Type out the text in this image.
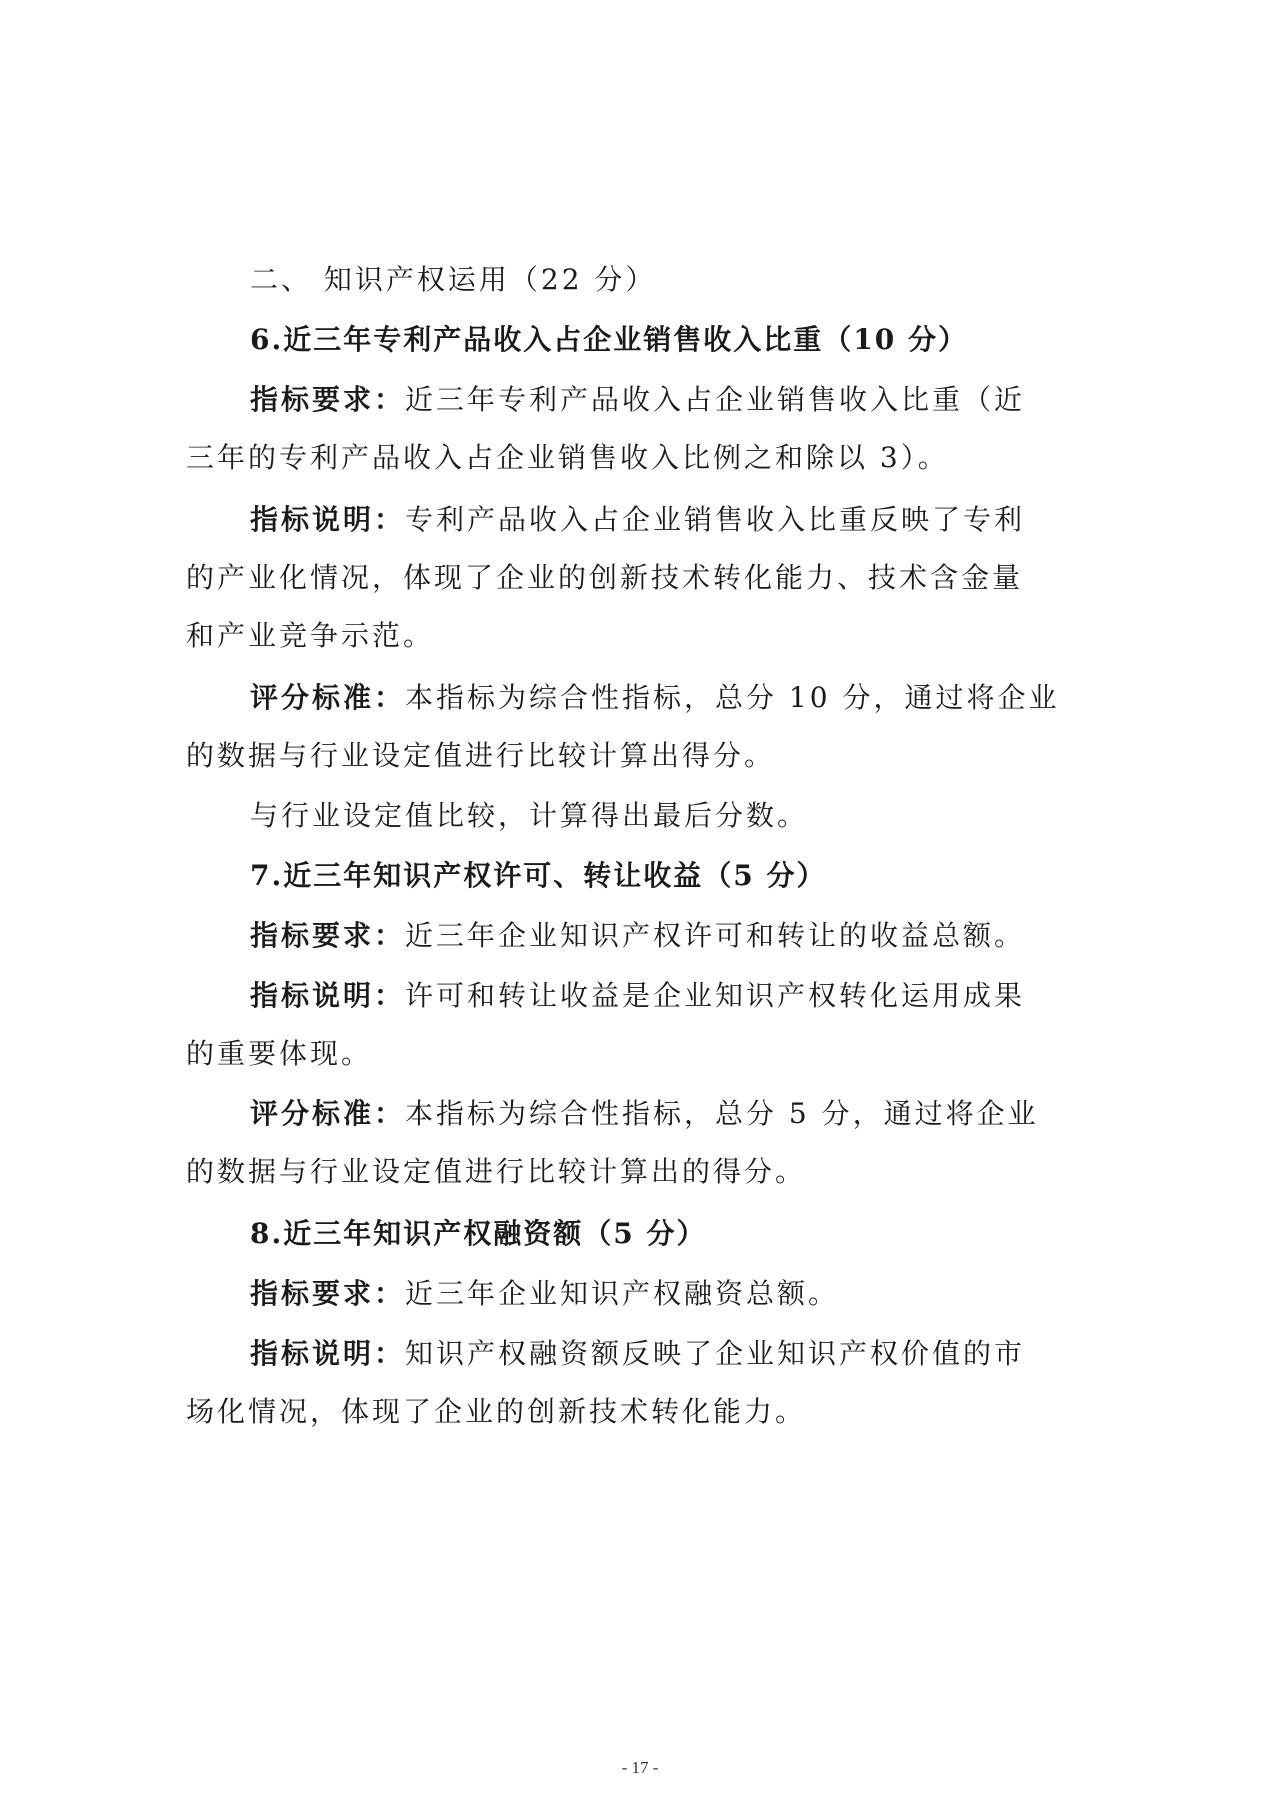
二、 知识产权运用（22 分）
6.近三年专利产品收入占企业销售收入比重（10 分）
指标要求：近三年专利产品收入占企业销售收入比重（近
三年的专利产品收入占企业销售收入比例之和除以 3）。
指标说明：专利产品收入占企业销售收入比重反映了专利
的产业化情况，体现了企业的创新技术转化能力、技术含金量
和产业竞争示范。
评分标准：本指标为综合性指标，总分 10 分，通过将企业
的数据与行业设定值进行比较计算出得分。
与行业设定值比较，计算得出最后分数。
7.近三年知识产权许可、转让收益（5 分）
指标要求：近三年企业知识产权许可和转让的收益总额。
指标说明：许可和转让收益是企业知识产权转化运用成果
的重要体现。
评分标准：本指标为综合性指标，总分 5 分，通过将企业
的数据与行业设定值进行比较计算出的得分。
8.近三年知识产权融资额（5 分）
指标要求：近三年企业知识产权融资总额。
指标说明：知识产权融资额反映了企业知识产权价值的市
场化情况，体现了企业的创新技术转化能力。
- 17 -
